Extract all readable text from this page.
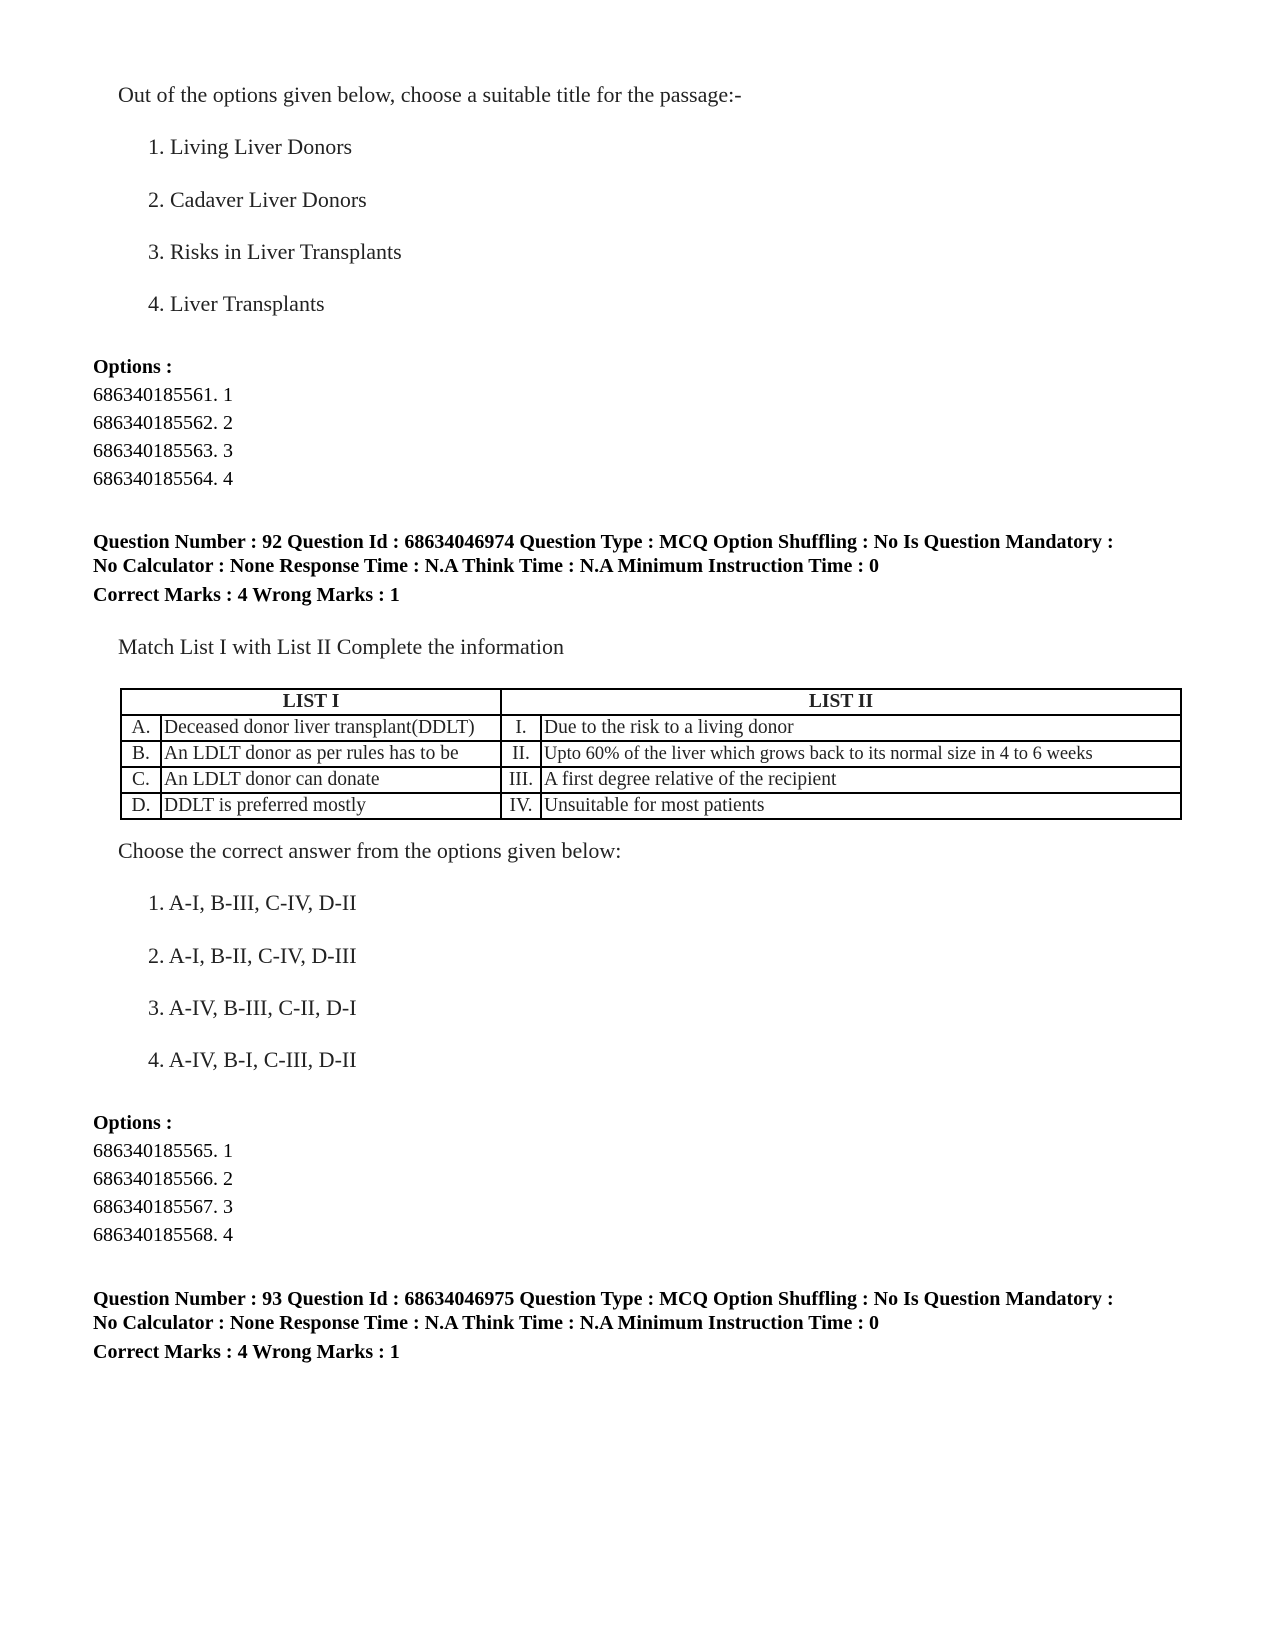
Out of the options given below, choose a suitable title for the passage:-
1. Living Liver Donors
2. Cadaver Liver Donors
3. Risks in Liver Transplants
4. Liver Transplants
Options :
686340185561. 1
686340185562. 2
686340185563. 3
686340185564. 4
Question Number : 92 Question Id : 68634046974 Question Type : MCQ Option Shuffling : No Is Question Mandatory :
No Calculator : None Response Time : N.A Think Time : N.A Minimum Instruction Time : 0
Correct Marks : 4 Wrong Marks : 1
Match List I with List II Complete the information
LIST I		LIST II	
A.	Deceased donor liver transplant(DDLT)	I.	Due to the risk to a living donor
B.	An LDLT donor as per rules has to be	II.	Upto 60% of the liver which grows back to its normal size in 4 to 6 weeks
C.	An LDLT donor can donate	III.	A first degree relative of the recipient
D.	DDLT is preferred mostly	IV.	Unsuitable for most patients
Choose the correct answer from the options given below:
1. A-I, B-III, C-IV, D-II
2. A-I, B-II, C-IV, D-III
3. A-IV, B-III, C-II, D-I
4. A-IV, B-I, C-III, D-II
Options :
686340185565. 1
686340185566. 2
686340185567. 3
686340185568. 4
Question Number : 93 Question Id : 68634046975 Question Type : MCQ Option Shuffling : No Is Question Mandatory :
No Calculator : None Response Time : N.A Think Time : N.A Minimum Instruction Time : 0
Correct Marks : 4 Wrong Marks : 1
